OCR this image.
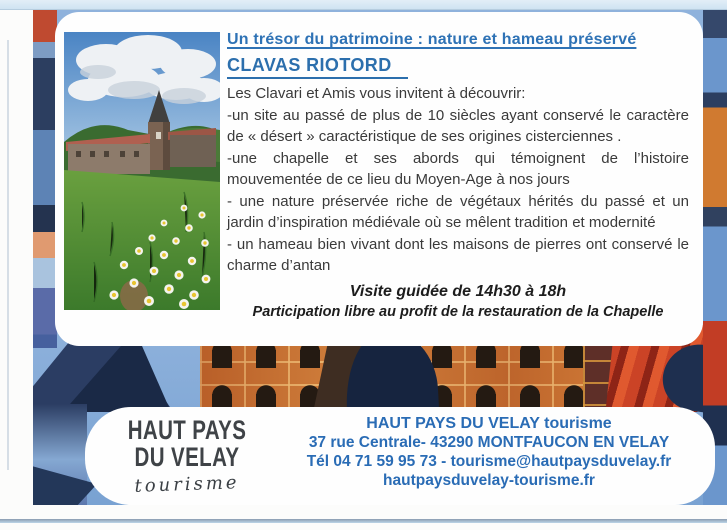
Un trésor du patrimoine : nature et hameau préservé
CLAVAS RIOTORD

Les Clavari et Amis vous invitent à découvrir:

-un site au passé de plus de 10 siècles ayant conservé le caractère de « désert » caractéristique de ses origines cisterciennes .

-une chapelle et ses abords qui témoignent de l’histoire mouvementée de ce lieu du Moyen-Age à nos jours

- une nature préservée riche de végétaux hérités du passé et un jardin d’inspiration médiévale où se mêlent tradition et modernité

- un hameau bien vivant dont les maisons de pierres ont conservé le charme d’antan

Visite guidée de 14h30 à 18h
Participation libre au profit de la restauration de la Chapelle
HAUT PAYS
DU VELAY
tourisme
HAUT PAYS DU VELAY tourisme
37 rue Centrale- 43290 MONTFAUCON EN VELAY
Tél 04 71 59 95 73 - tourisme@hautpaysduvelay.fr
hautpaysduvelay-tourisme.fr
